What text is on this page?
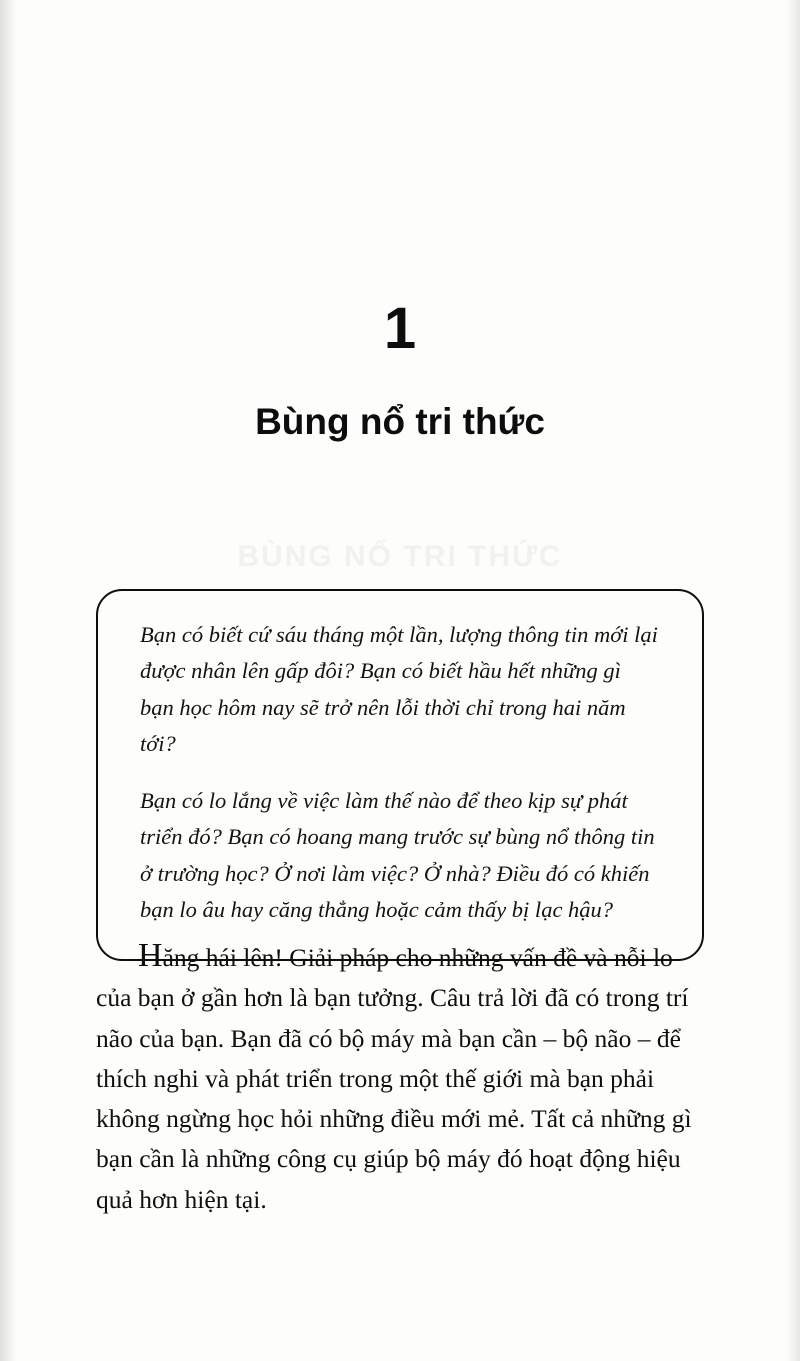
1
Bùng nổ tri thức
BÙNG NỔ TRI THỨC

Bạn có biết cứ sáu tháng một lần, lượng thông tin mới lại được nhân lên gấp đôi? Bạn có biết hầu hết những gì bạn học hôm nay sẽ trở nên lỗi thời chỉ trong hai năm tới?

Bạn có lo lắng về việc làm thế nào để theo kịp sự phát triển đó? Bạn có hoang mang trước sự bùng nổ thông tin ở trường học? Ở nơi làm việc? Ở nhà? Điều đó có khiến bạn lo âu hay căng thẳng hoặc cảm thấy bị lạc hậu?

Hăng hái lên! Giải pháp cho những vấn đề và nỗi lo của bạn ở gần hơn là bạn tưởng. Câu trả lời đã có trong trí não của bạn. Bạn đã có bộ máy mà bạn cần – bộ não – để thích nghi và phát triển trong một thế giới mà bạn phải không ngừng học hỏi những điều mới mẻ. Tất cả những gì bạn cần là những công cụ giúp bộ máy đó hoạt động hiệu quả hơn hiện tại.
